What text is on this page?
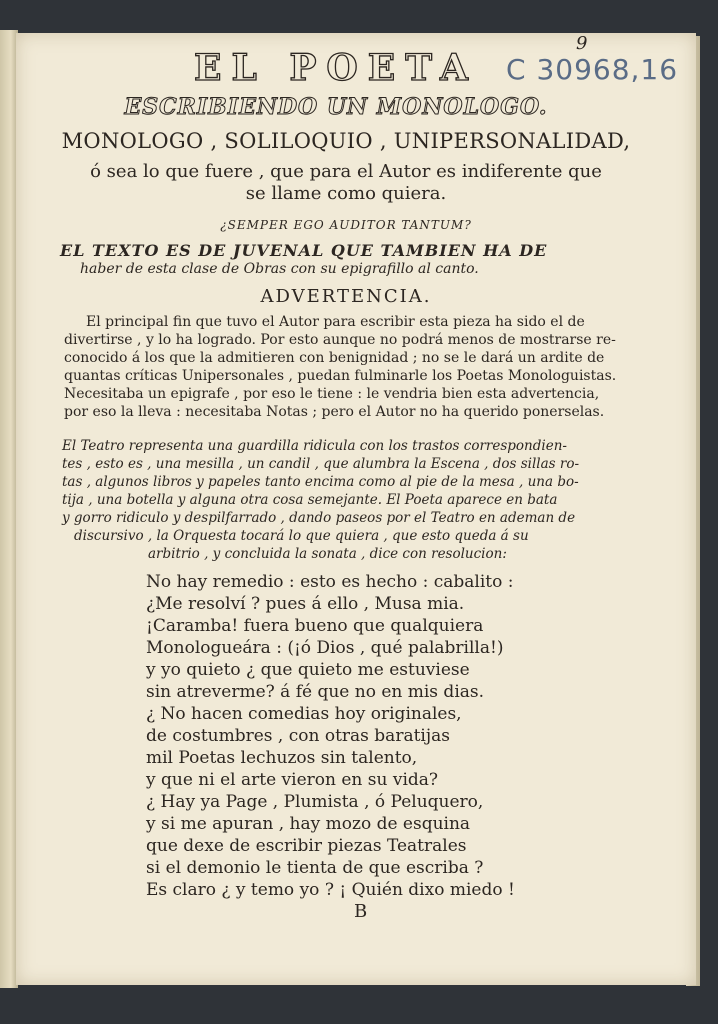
9
C 30968,16
EL POETA
ESCRIBIENDO UN MONOLOGO.
MONOLOGO , SOLILOQUIO , UNIPERSONALIDAD,
ó sea lo que fuere , que para el Autor es indiferente que
se llame como quiera.
¿SEMPER EGO AUDITOR TANTUM?
EL TEXTO ES DE JUVENAL QUE TAMBIEN HA DE
haber de esta clase de Obras con su epigrafillo al canto.
ADVERTENCIA.
El principal fin que tuvo el Autor para escribir esta pieza ha sido el de
divertirse , y lo ha logrado. Por esto aunque no podrá menos de mostrarse re-
conocido á los que la admitieren con benignidad ; no se le dará un ardite de
quantas críticas Unipersonales , puedan fulminarle los Poetas Monologuistas.
Necesitaba un epigrafe , por eso le tiene : le vendria bien esta advertencia,
por eso la lleva : necesitaba Notas ; pero el Autor no ha querido ponerselas.
El Teatro representa una guardilla ridicula con los trastos correspondien-
tes , esto es , una mesilla , un candil , que alumbra la Escena , dos sillas ro-
tas , algunos libros y papeles tanto encima como al pie de la mesa , una bo-
tija , una botella y alguna otra cosa semejante. El Poeta aparece en bata
y gorro ridiculo y despilfarrado , dando paseos por el Teatro en ademan de
discursivo , la Orquesta tocará lo que quiera , que esto queda á su
arbitrio , y concluida la sonata , dice con resolucion:
No hay remedio : esto es hecho : cabalito :
¿Me resolví ? pues á ello , Musa mia.
¡Caramba! fuera bueno que qualquiera
Monologueára : (¡ó Dios , qué palabrilla!)
y yo quieto ¿ que quieto me estuviese
sin atreverme? á fé que no en mis dias.
¿ No hacen comedias hoy originales,
de costumbres , con otras baratijas
mil Poetas lechuzos sin talento,
y que ni el arte vieron en su vida?
¿ Hay ya Page , Plumista , ó Peluquero,
y si me apuran , hay mozo de esquina
que dexe de escribir piezas Teatrales
si el demonio le tienta de que escriba ?
Es claro ¿ y temo yo ? ¡ Quién dixo miedo !
B
